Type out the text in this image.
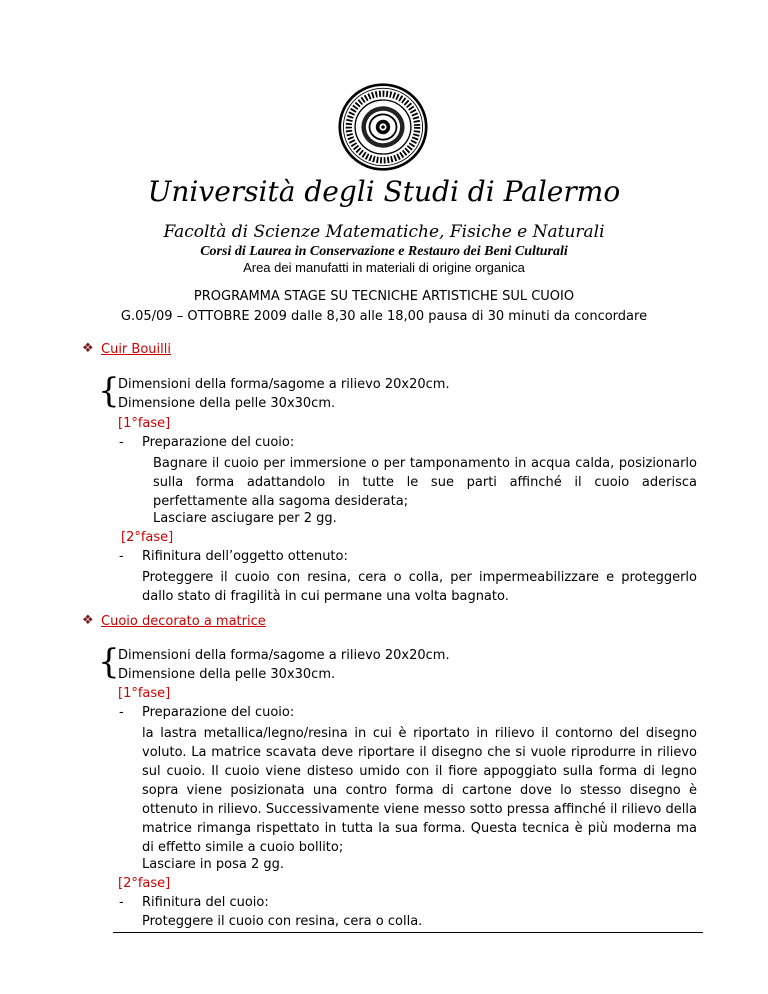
Università degli Studi di Palermo
Facoltà di Scienze Matematiche, Fisiche e Naturali
Corsi di Laurea in Conservazione e Restauro dei Beni Culturali
Area dei manufatti in materiali di origine organica
PROGRAMMA STAGE SU TECNICHE ARTISTICHE SUL CUOIO
G.05/09 – OTTOBRE 2009 dalle 8,30 alle 18,00 pausa di 30 minuti da concordare
❖ Cuir Bouilli
{
Dimensioni della forma/sagome a rilievo 20x20cm.
Dimensione della pelle 30x30cm.
[1°fase]
- Preparazione del cuoio:
Bagnare il cuoio per immersione o per tamponamento in acqua calda, posizionarlo sulla forma adattandolo in tutte le sue parti affinché il cuoio aderisca perfettamente alla sagoma desiderata;
Lasciare asciugare per 2 gg.
[2°fase]
- Rifinitura dell’oggetto ottenuto:
Proteggere il cuoio con resina, cera o colla, per impermeabilizzare e proteggerlo dallo stato di fragilità in cui permane una volta bagnato.
❖ Cuoio decorato a matrice
{
Dimensioni della forma/sagome a rilievo 20x20cm.
Dimensione della pelle 30x30cm.
[1°fase]
- Preparazione del cuoio:
la lastra metallica/legno/resina in cui è riportato in rilievo il contorno del disegno voluto. La matrice scavata deve riportare il disegno che si vuole riprodurre in rilievo sul cuoio. Il cuoio viene disteso umido con il fiore appoggiato sulla forma di legno sopra viene posizionata una contro forma di cartone dove lo stesso disegno è ottenuto in rilievo. Successivamente viene messo sotto pressa affinché il rilievo della matrice rimanga rispettato in tutta la sua forma. Questa tecnica è più moderna ma di effetto simile a cuoio bollito;
Lasciare in posa 2 gg.
[2°fase]
- Rifinitura del cuoio:
Proteggere il cuoio con resina, cera o colla.
